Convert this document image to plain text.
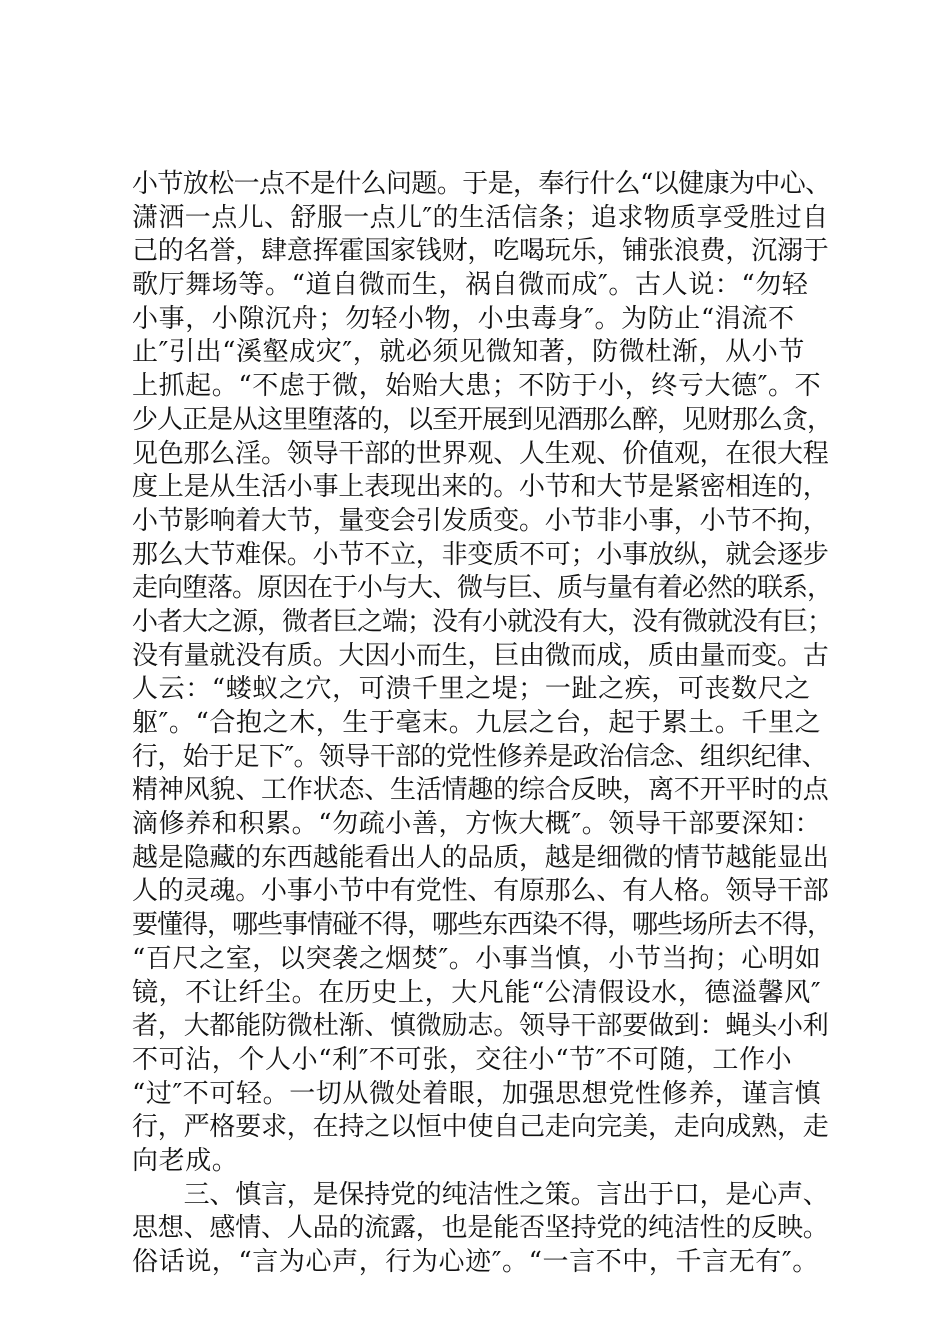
小节放松一点不是什么问题。于是，奉行什么“以健康为中心、
潇洒一点儿、舒服一点儿″的生活信条；追求物质享受胜过自
己的名誉，肆意挥霍国家钱财，吃喝玩乐，铺张浪费，沉溺于
歌厅舞场等。“道自微而生，祸自微而成″。古人说：“勿轻
小事，小隙沉舟；勿轻小物，小虫毒身″。为防止“涓流不
止″引出“溪壑成灾″，就必须见微知著，防微杜渐，从小节
上抓起。“不虑于微，始贻大患；不防于小，终亏大德″。不
少人正是从这里堕落的，以至开展到见酒那么醉，见财那么贪，
见色那么淫。领导干部的世界观、人生观、价值观，在很大程
度上是从生活小事上表现出来的。小节和大节是紧密相连的，
小节影响着大节，量变会引发质变。小节非小事，小节不拘，
那么大节难保。小节不立，非变质不可；小事放纵，就会逐步
走向堕落。原因在于小与大、微与巨、质与量有着必然的联系，
小者大之源，微者巨之端；没有小就没有大，没有微就没有巨；
没有量就没有质。大因小而生，巨由微而成，质由量而变。古
人云：“蝼蚁之穴，可溃千里之堤；一趾之疾，可丧数尺之
躯″。“合抱之木，生于毫末。九层之台，起于累土。千里之
行，始于足下″。领导干部的党性修养是政治信念、组织纪律、
精神风貌、工作状态、生活情趣的综合反映，离不开平时的点
滴修养和积累。“勿疏小善，方恢大概″。领导干部要深知：
越是隐藏的东西越能看出人的品质，越是细微的情节越能显出
人的灵魂。小事小节中有党性、有原那么、有人格。领导干部
要懂得，哪些事情碰不得，哪些东西染不得，哪些场所去不得，
“百尺之室，以突袭之烟焚″。小事当慎，小节当拘；心明如
镜，不让纤尘。在历史上，大凡能“公清假设水，德溢馨风″
者，大都能防微杜渐、慎微励志。领导干部要做到：蝇头小利
不可沾，个人小“利″不可张，交往小“节″不可随，工作小
“过″不可轻。一切从微处着眼，加强思想党性修养，谨言慎
行，严格要求，在持之以恒中使自己走向完美，走向成熟，走
向老成。
　　三、慎言，是保持党的纯洁性之策。言出于口，是心声、
思想、感情、人品的流露，也是能否坚持党的纯洁性的反映。
俗话说，“言为心声，行为心迹″。“一言不中，千言无有″。
